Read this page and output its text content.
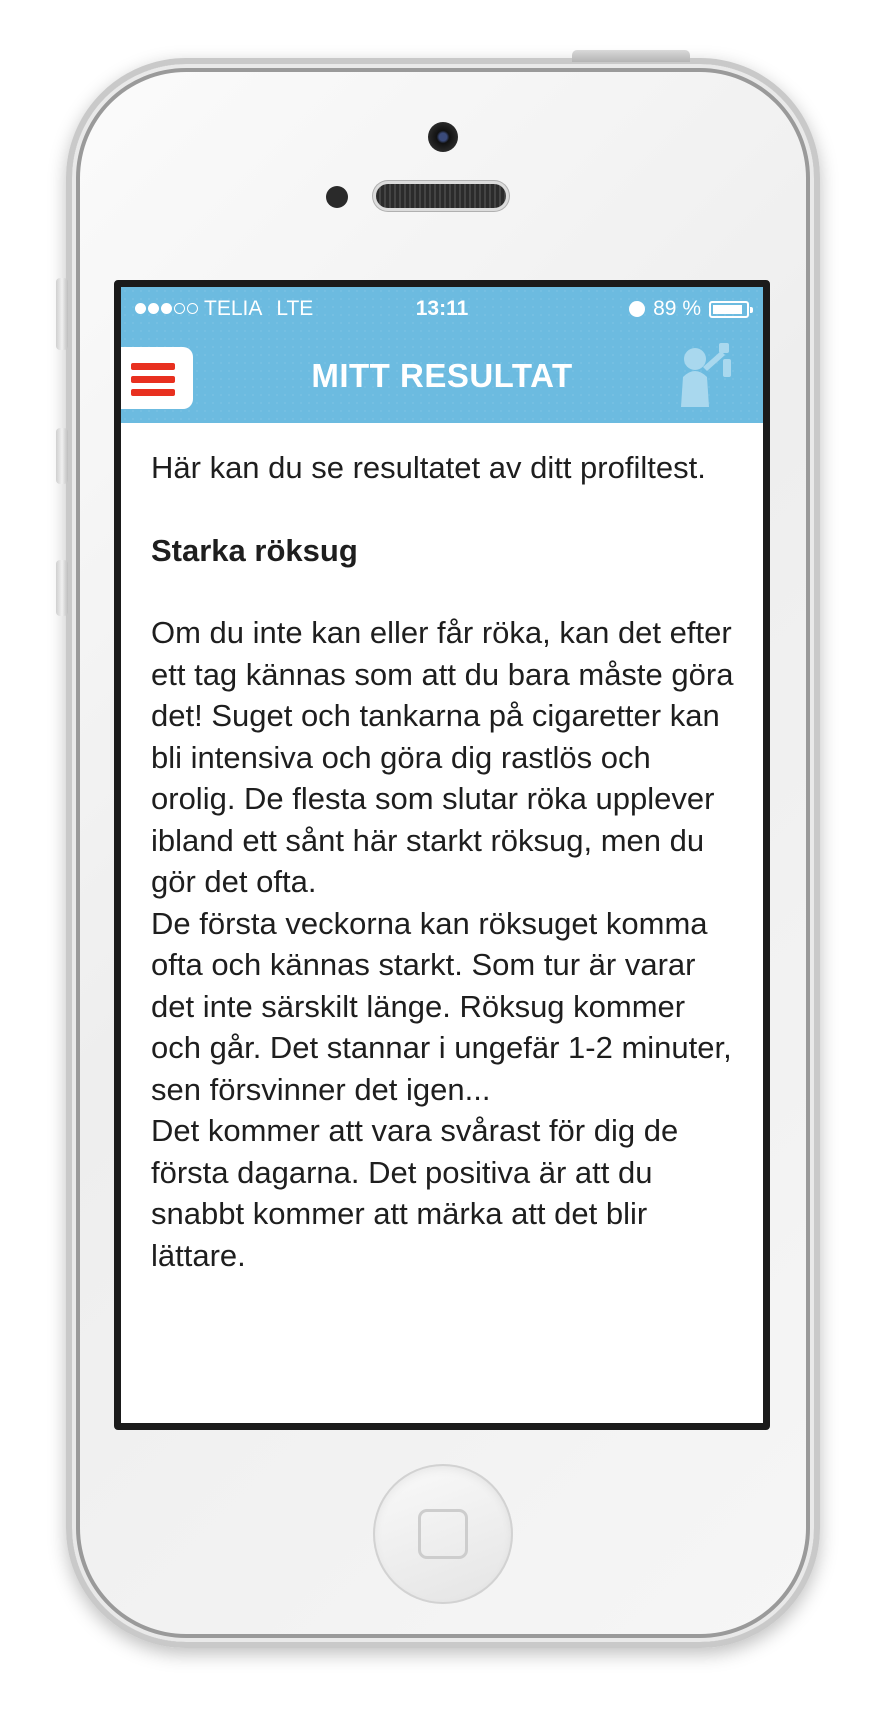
TELIA LTE	13:11	89 %
MITT RESULTAT

Här kan du se resultatet av ditt profiltest.

Starka röksug

Om du inte kan eller får röka, kan det efter ett tag kännas som att du bara måste göra det! Suget och tankarna på cigaretter kan bli intensiva och göra dig rastlös och orolig. De flesta som slutar röka upplever ibland ett sånt här starkt röksug, men du gör det ofta.

De första veckorna kan röksuget komma ofta och kännas starkt. Som tur är varar det inte särskilt länge. Röksug kommer och går. Det stannar i ungefär 1-2 minuter, sen försvinner det igen...

Det kommer att vara svårast för dig de första dagarna. Det positiva är att du snabbt kommer att märka att det blir lättare.
